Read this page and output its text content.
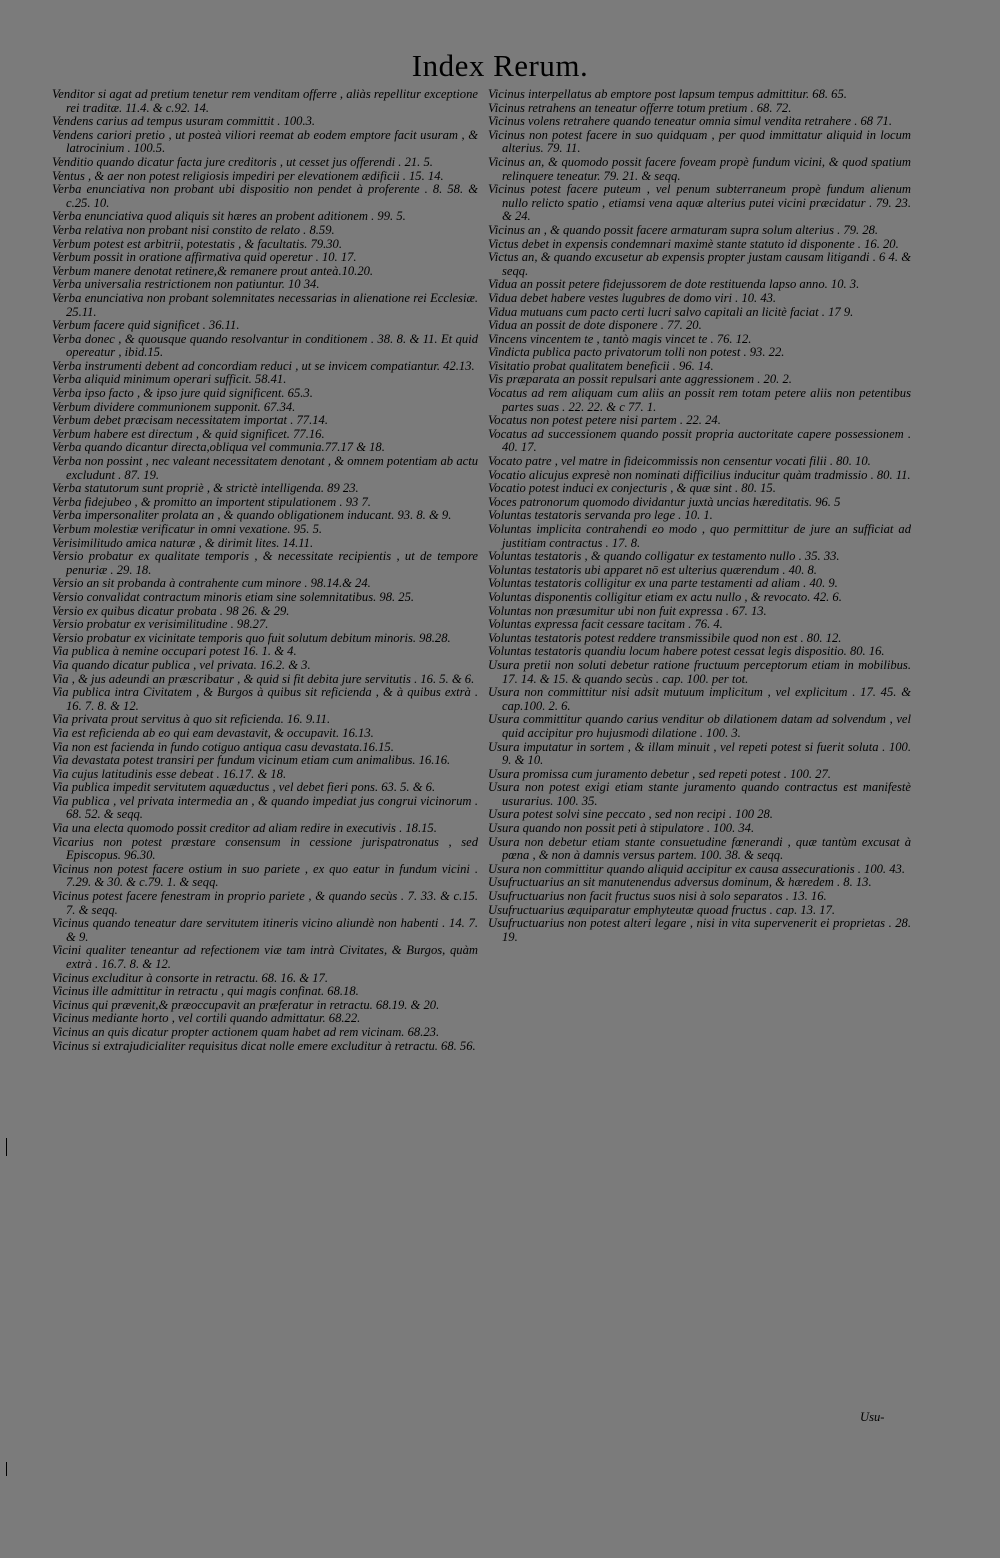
Index Rerum.

Venditor si agat ad pretium tenetur rem venditam offerre , aliàs repellitur exceptione rei traditæ. 11.4. & c.92. 14.

Vendens carius ad tempus usuram committit . 100.3.

Vendens cariori pretio , ut posteà viliori reemat ab eodem emptore facit usuram , & latrocinium . 100.5.

Venditio quando dicatur facta jure creditoris , ut cesset jus offerendi . 21. 5.

Ventus , & aer non potest religiosis impediri per elevationem ædificii . 15. 14.

Verba enunciativa non probant ubi dispositio non pendet à proferente . 8. 58. & c.25. 10.

Verba enunciativa quod aliquis sit hæres an probent aditionem . 99. 5.

Verba relativa non probant nisi constito de relato . 8.59.

Verbum potest est arbitrii, potestatis , & facultatis. 79.30.

Verbum possit in oratione affirmativa quid operetur . 10. 17.

Verbum manere denotat retinere,& remanere prout anteà.10.20.

Verba universalia restrictionem non patiuntur. 10 34.

Verba enunciativa non probant solemnitates necessarias in alienatione rei Ecclesiæ. 25.11.

Verbum facere quid significet . 36.11.

Verba donec , & quousque quando resolvantur in conditionem . 38. 8. & 11. Et quid opereatur , ibid.15.

Verba instrumenti debent ad concordiam reduci , ut se invicem compatiantur. 42.13.

Verba aliquid minimum operari sufficit. 58.41.

Verba ipso facto , & ipso jure quid significent. 65.3.

Verbum dividere communionem supponit. 67.34.

Verbum debet præcisam necessitatem importat . 77.14.

Verbum habere est directum , & quid significet. 77.16.

Verba quando dicantur directa,obliqua vel communia.77.17 & 18.

Verba non possint , nec valeant necessitatem denotant , & omnem potentiam ab actu excludunt . 87. 19.

Verba statutorum sunt propriè , & strictè intelligenda. 89 23.

Verba fidejubeo , & promitto an importent stipulationem . 93 7.

Verba impersonaliter prolata an , & quando obligationem inducant. 93. 8. & 9.

Verbum molestiæ verificatur in omni vexatione. 95. 5.

Verisimilitudo amica naturæ , & dirimit lites. 14.11.

Versio probatur ex qualitate temporis , & necessitate recipientis , ut de tempore penuriæ . 29. 18.

Versio an sit probanda à contrahente cum minore . 98.14.& 24.

Versio convalidat contractum minoris etiam sine solemnitatibus. 98. 25.

Versio ex quibus dicatur probata . 98 26. & 29.

Versio probatur ex verisimilitudine . 98.27.

Versio probatur ex vicinitate temporis quo fuit solutum debitum minoris. 98.28.

Via publica à nemine occupari potest 16. 1. & 4.

Via quando dicatur publica , vel privata. 16.2. & 3.

Via , & jus adeundi an præscribatur , & quid si fit debita jure servitutis . 16. 5. & 6.

Via publica intra Civitatem , & Burgos à quibus sit reficienda , & à quibus extrà . 16. 7. 8. & 12.

Via privata prout servitus à quo sit reficienda. 16. 9.11.

Via est reficienda ab eo qui eam devastavit, & occupavit. 16.13.

Via non est facienda in fundo cotiguo antiqua casu devastata.16.15.

Via devastata potest transiri per fundum vicinum etiam cum animalibus. 16.16.

Via cujus latitudinis esse debeat . 16.17. & 18.

Via publica impedit servitutem aquæductus , vel debet fieri pons. 63. 5. & 6.

Via publica , vel privata intermedia an , & quando impediat jus congrui vicinorum . 68. 52. & seqq.

Via una electa quomodo possit creditor ad aliam redire in executivis . 18.15.

Vicarius non potest præstare consensum in cessione jurispatronatus , sed Episcopus. 96.30.

Vicinus non potest facere ostium in suo pariete , ex quo eatur in fundum vicini . 7.29. & 30. & c.79. 1. & seqq.

Vicinus potest facere fenestram in proprio pariete , & quando secùs . 7. 33. & c.15. 7. & seqq.

Vicinus quando teneatur dare servitutem itineris vicino aliundè non habenti . 14. 7. & 9.

Vicini qualiter teneantur ad refectionem viæ tam intrà Civitates, & Burgos, quàm extrà . 16.7. 8. & 12.

Vicinus excluditur à consorte in retractu. 68. 16. & 17.

Vicinus ille admittitur in retractu , qui magis confinat. 68.18.

Vicinus qui prævenit,& præoccupavit an præferatur in retractu. 68.19. & 20.

Vicinus mediante horto , vel cortili quando admittatur. 68.22.

Vicinus an quis dicatur propter actionem quam habet ad rem vicinam. 68.23.

Vicinus si extrajudicialiter requisitus dicat nolle emere excluditur à retractu. 68. 56.

Vicinus interpellatus ab emptore post lapsum tempus admittitur. 68. 65.

Vicinus retrahens an teneatur offerre totum pretium . 68. 72.

Vicinus volens retrahere quando teneatur omnia simul vendita retrahere . 68 71.

Vicinus non potest facere in suo quidquam , per quod immittatur aliquid in locum alterius. 79. 11.

Vicinus an, & quomodo possit facere foveam propè fundum vicini, & quod spatium relinquere teneatur. 79. 21. & seqq.

Vicinus potest facere puteum , vel penum subterraneum propè fundum alienum nullo relicto spatio , etiamsi vena aquæ alterius putei vicini præcidatur . 79. 23. & 24.

Vicinus an , & quando possit facere armaturam supra solum alterius . 79. 28.

Victus debet in expensis condemnari maximè stante statuto id disponente . 16. 20.

Victus an, & quando excusetur ab expensis propter justam causam litigandi . 6 4. & seqq.

Vidua an possit petere fidejussorem de dote restituenda lapso anno. 10. 3.

Vidua debet habere vestes lugubres de domo viri . 10. 43.

Vidua mutuans cum pacto certi lucri salvo capitali an licitè faciat . 17 9.

Vidua an possit de dote disponere . 77. 20.

Vincens vincentem te , tantò magis vincet te . 76. 12.

Vindicta publica pacto privatorum tolli non potest . 93. 22.

Visitatio probat qualitatem beneficii . 96. 14.

Vis præparata an possit repulsari ante aggressionem . 20. 2.

Vocatus ad rem aliquam cum aliis an possit rem totam petere aliis non petentibus partes suas . 22. 22. & c 77. 1.

Vocatus non potest petere nisi partem . 22. 24.

Vocatus ad successionem quando possit propria auctoritate capere possessionem . 40. 17.

Vocato patre , vel matre in fideicommissis non censentur vocati filii . 80. 10.

Vocatio alicujus expresè non nominati difficilius inducitur quàm tradmissio . 80. 11.

Vocatio potest induci ex conjecturis , & quæ sint . 80. 15.

Voces patronorum quomodo dividantur juxtà uncias hæreditatis. 96. 5

Voluntas testatoris servanda pro lege . 10. 1.

Voluntas implicita contrahendi eo modo , quo permittitur de jure an sufficiat ad justitiam contractus . 17. 8.

Voluntas testatoris , & quando colligatur ex testamento nullo . 35. 33.

Voluntas testatoris ubi apparet nō est ulterius quærendum . 40. 8.

Voluntas testatoris colligitur ex una parte testamenti ad aliam . 40. 9.

Voluntas disponentis colligitur etiam ex actu nullo , & revocato. 42. 6.

Voluntas non præsumitur ubi non fuit expressa . 67. 13.

Voluntas expressa facit cessare tacitam . 76. 4.

Voluntas testatoris potest reddere transmissibile quod non est . 80. 12.

Voluntas testatoris quandiu locum habere potest cessat legis dispositio. 80. 16.

Usura pretii non soluti debetur ratione fructuum perceptorum etiam in mobilibus. 17. 14. & 15. & quando secùs . cap. 100. per tot.

Usura non committitur nisi adsit mutuum implicitum , vel explicitum . 17. 45. & cap.100. 2. 6.

Usura committitur quando carius venditur ob dilationem datam ad solvendum , vel quid accipitur pro hujusmodi dilatione . 100. 3.

Usura imputatur in sortem , & illam minuit , vel repeti potest si fuerit soluta . 100. 9. & 10.

Usura promissa cum juramento debetur , sed repeti potest . 100. 27.

Usura non potest exigi etiam stante juramento quando contractus est manifestè usurarius. 100. 35.

Usura potest solvi sine peccato , sed non recipi . 100 28.

Usura quando non possit peti à stipulatore . 100. 34.

Usura non debetur etiam stante consuetudine fœnerandi , quæ tantùm excusat à pœna , & non à damnis versus partem. 100. 38. & seqq.

Usura non committitur quando aliquid accipitur ex causa assecurationis . 100. 43.

Usufructuarius an sit manutenendus adversus dominum, & hæredem . 8. 13.

Usufructuarius non facit fructus suos nisi à solo separatos . 13. 16.

Usufructuarius æquiparatur emphyteutæ quoad fructus . cap. 13. 17.

Usufructuarius non potest alteri legare , nisi in vita supervenerit ei proprietas . 28. 19.

Usu-
